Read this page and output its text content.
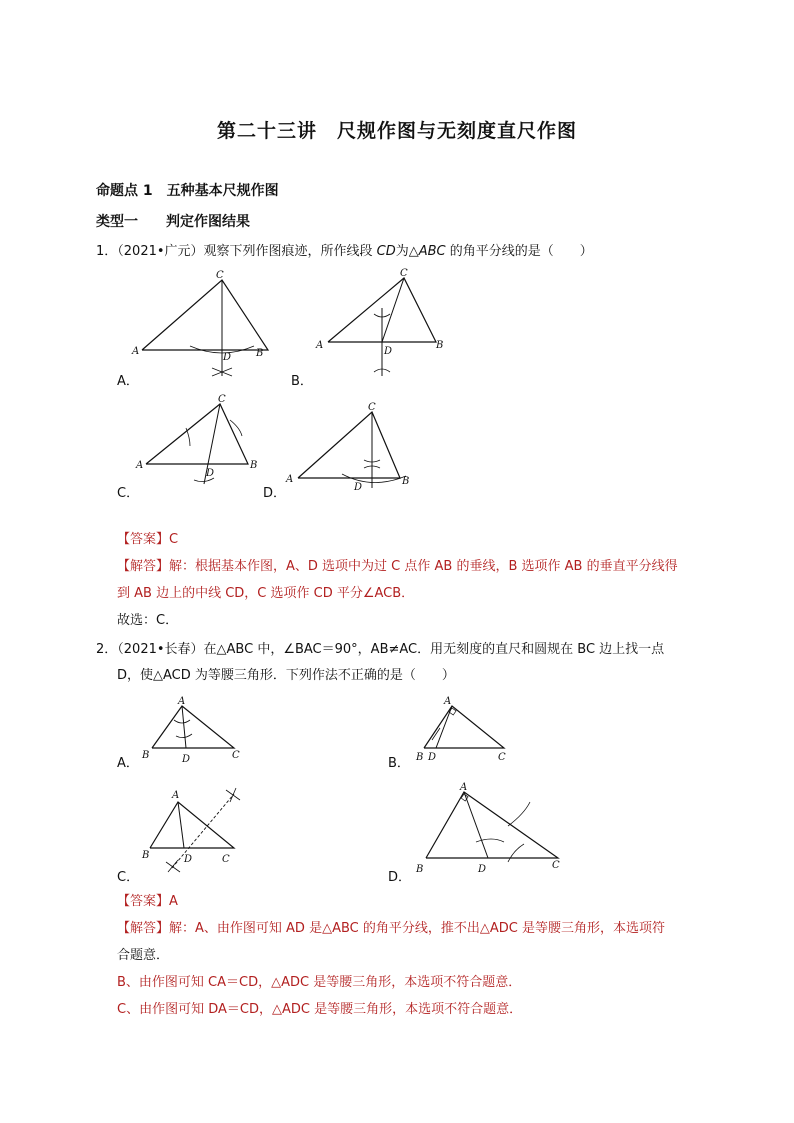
第二十三讲　尺规作图与无刻度直尺作图
命题点 1　五种基本尺规作图
类型一　　判定作图结果
1．（2021•广元）观察下列作图痕迹，所作线段 CD为△ABC 的角平分线的是（　　）
C
A	B
D
A．
C
A	B
D
B．
C
A	B
D
C．
C
A	B
D
D．
【答案】C
【解答】解：根据基本作图，A、D 选项中为过 C 点作 AB 的垂线，B 选项作 AB 的垂直平分线得
到 AB 边上的中线 CD，C 选项作 CD 平分∠ACB．
故选：C．
2．（2021•长春）在△ABC 中，∠BAC＝90°，AB≠AC．用无刻度的直尺和圆规在 BC 边上找一点
D，使△ACD 为等腰三角形．下列作法不正确的是（　　）
A
B	D	C
A．
A
B D	C
B．
A
B	D	C
C．
A
B	D	C
D．
【答案】A
【解答】解：A、由作图可知 AD 是△ABC 的角平分线，推不出△ADC 是等腰三角形，本选项符
合题意．
B、由作图可知 CA＝CD，△ADC 是等腰三角形，本选项不符合题意．
C、由作图可知 DA＝CD，△ADC 是等腰三角形，本选项不符合题意．
